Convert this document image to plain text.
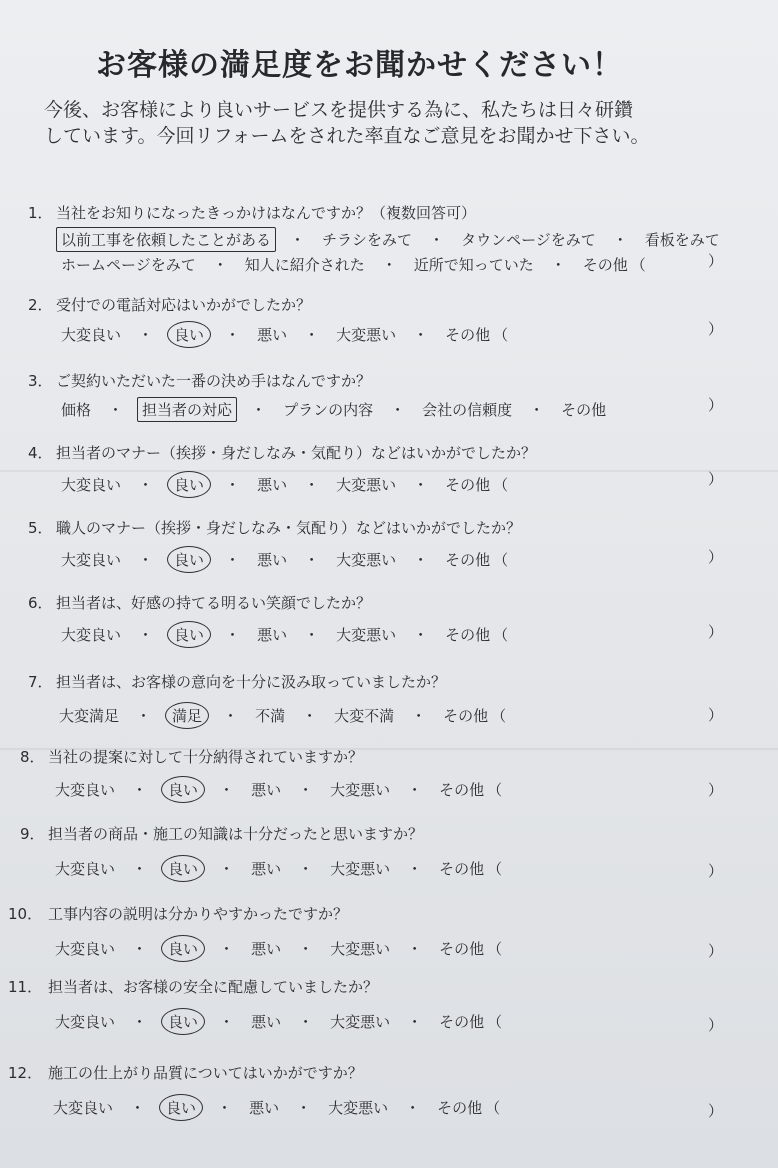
お客様の満足度をお聞かせください！

今後、お客様により良いサービスを提供する為に、私たちは日々研鑽
しています。今回リフォームをされた率直なご意見をお聞かせ下さい。

1． 当社をお知りになったきっかけはなんですか？（複数回答可）

以前工事を依頼したことがある ・ チラシをみて ・ タウンページをみて ・ 看板をみて
ホームページをみて ・ 知人に紹介された ・ 近所で知っていた ・ その他 （	）

2． 受付での電話対応はいかがでしたか？

大変良い ・ 良い ・ 悪い ・ 大変悪い ・ その他 （	）

3． ご契約いただいた一番の決め手はなんですか？

価格 ・ 担当者の対応 ・ プランの内容 ・ 会社の信頼度 ・ その他	）

4． 担当者のマナー（挨拶・身だしなみ・気配り）などはいかがでしたか？

大変良い ・ 良い ・ 悪い ・ 大変悪い ・ その他 （	）

5． 職人のマナー（挨拶・身だしなみ・気配り）などはいかがでしたか？

大変良い ・ 良い ・ 悪い ・ 大変悪い ・ その他 （	）

6． 担当者は、好感の持てる明るい笑顔でしたか？

大変良い ・ 良い ・ 悪い ・ 大変悪い ・ その他 （	）

7． 担当者は、お客様の意向を十分に汲み取っていましたか？

大変満足 ・ 満足 ・ 不満 ・ 大変不満 ・ その他 （	）

8． 当社の提案に対して十分納得されていますか？

大変良い ・ 良い ・ 悪い ・ 大変悪い ・ その他 （	）

9． 担当者の商品・施工の知識は十分だったと思いますか？

大変良い ・ 良い ・ 悪い ・ 大変悪い ・ その他 （	）

10． 工事内容の説明は分かりやすかったですか？

大変良い ・ 良い ・ 悪い ・ 大変悪い ・ その他 （	）

11． 担当者は、お客様の安全に配慮していましたか？

大変良い ・ 良い ・ 悪い ・ 大変悪い ・ その他 （	）

12． 施工の仕上がり品質についてはいかがですか？

大変良い ・ 良い ・ 悪い ・ 大変悪い ・ その他 （	）
